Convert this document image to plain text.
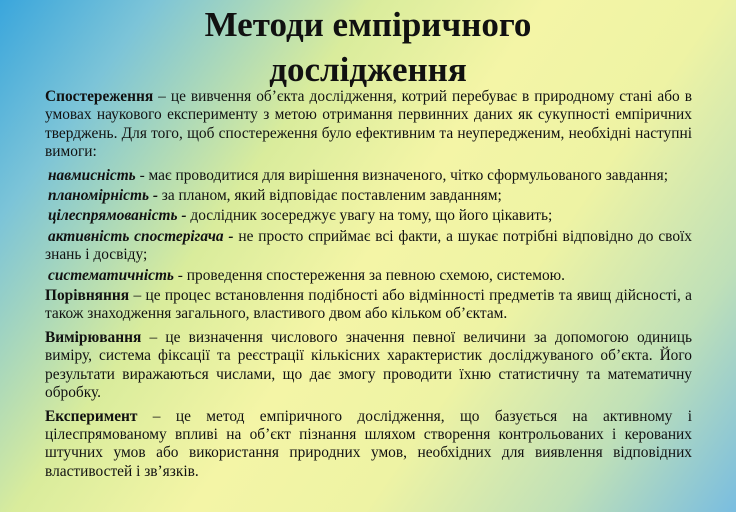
Методи емпіричного
дослідження

Спостереження – це вивчення об’єкта дослідження, котрий перебуває в природному стані або в умовах наукового експерименту з метою отримання первинних даних як сукупності емпіричних тверджень. Для того, щоб спостереження було ефективним та неупередженим, необхідні наступні вимоги:

навмисність - має проводитися для вирішення визначеного, чітко сформульованого завдання;

планомірність - за планом, який відповідає поставленим завданням;

цілеспрямованість - дослідник зосереджує увагу на тому, що його цікавить;

активність спостерігача - не просто сприймає всі факти, а шукає потрібні відповідно до своїх знань і досвіду;

систематичність - проведення спостереження за певною схемою, системою.

Порівняння – це процес встановлення подібності або відмінності предметів та явищ дійсності, а також знаходження загального, властивого двом або кільком об’єктам.

Вимірювання – це визначення числового значення певної величини за допомогою одиниць виміру, система фіксації та реєстрації кількісних характеристик досліджуваного об’єкта. Його результати виражаються числами, що дає змогу проводити їхню статистичну та математичну обробку.

Експеримент – це метод емпіричного дослідження, що базується на активному і цілеспрямованому впливі на об’єкт пізнання шляхом створення контрольованих і керованих штучних умов або використання природних умов, необхідних для виявлення відповідних властивостей і зв’язків.
